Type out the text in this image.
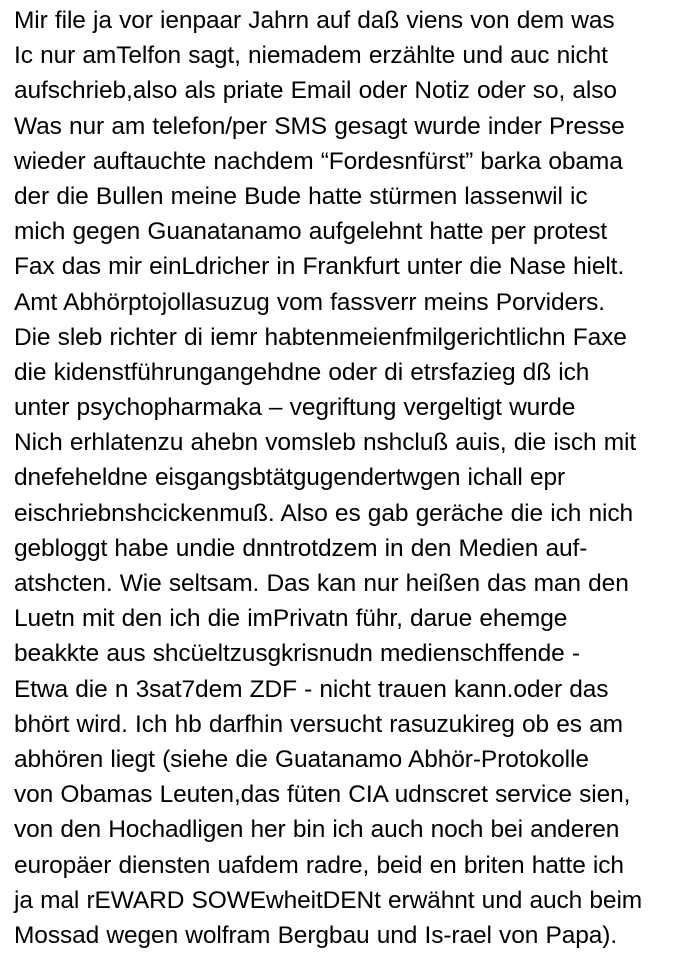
Mir file ja vor ienpaar Jahrn auf daß viens von dem was
Ic nur amTelfon sagt, niemadem erzählte und auc nicht
aufschrieb,also als priate Email oder Notiz oder so, also
Was nur am telefon/per SMS gesagt wurde inder Presse
wieder auftauchte nachdem “Fordesnfürst” barka obama
der die Bullen meine Bude hatte stürmen lassenwil ic
mich gegen Guanatanamo aufgelehnt hatte per protest
Fax das mir einLdricher in Frankfurt unter die Nase hielt.
Amt Abhörptojollasuzug vom fassverr meins Porviders.
Die sleb richter di iemr habtenmeienfmilgerichtlichn Faxe
die kidenstführungangehdne oder di etrsfazieg dß ich
unter psychopharmaka – vegriftung vergeltigt wurde
Nich erhlatenzu ahebn vomsleb nshcluß auis, die isch mit
dnefeheldne eisgangsbtätgugendertwgen ichall epr
eischriebnshcickenmuß. Also es gab geräche die ich nich
gebloggt habe undie dnntrotdzem in den Medien auf-
atshcten. Wie seltsam. Das kan nur heißen das man den
Luetn mit den ich die imPrivatn führ, darue ehemge
beakkte aus shcüeltzusgkrisnudn medienschffende -
Etwa die n 3sat7dem ZDF - nicht trauen kann.oder das
bhört wird. Ich hb darfhin versucht rasuzukireg ob es am
abhören liegt (siehe die Guatanamo Abhör-Protokolle
von Obamas Leuten,das füten CIA udnscret service sien,
von den Hochadligen her bin ich auch noch bei anderen
europäer diensten uafdem radre, beid en briten hatte ich
ja mal rEWARD SOWEwheitDENt erwähnt und auch beim
Mossad wegen wolfram Bergbau und Is-rael von Papa).
